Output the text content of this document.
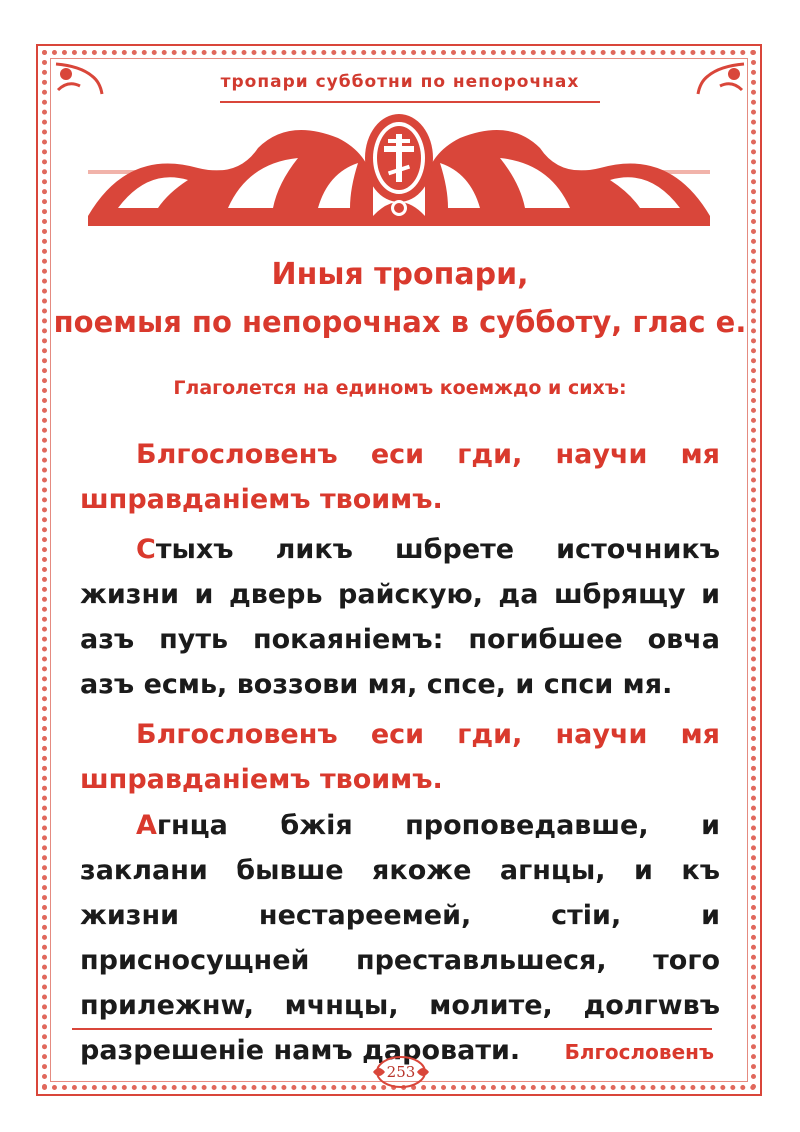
тропари субботни по непорочнах
Иныя тропари,
поемыя по непорочнах в субботу, глас е.
Глаголется на единомъ коемждо и сихъ:
Блгословенъ еси гди, научи мя шправданіемъ твоимъ.
Стыхъ ликъ шбрете источникъ жизни и дверь райскую, да шбрящу и азъ путь покаяніемъ: погибшее овча азъ есмь, воззови мя, спсе, и спси мя.
Блгословенъ еси гди, научи мя шправданіемъ твоимъ.
Агнца бжія проповедавше, и заклани бывше якоже агнцы, и къ жизни нестареемей, стіи, и присносущней преставльшеся, того прилежнw, мчнцы, молите, долгwвъ разрешеніе намъ даровати.	Блгословенъ
253
